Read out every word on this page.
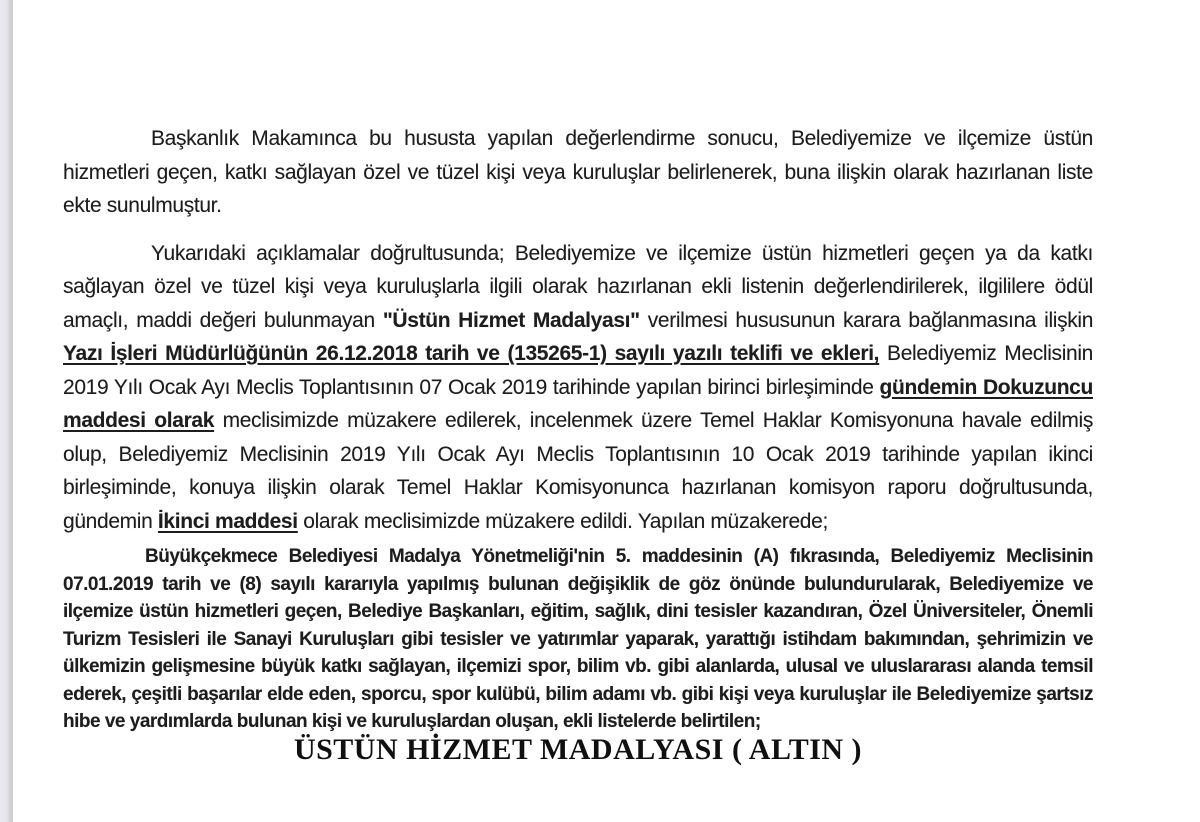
Başkanlık Makamınca bu hususta yapılan değerlendirme sonucu, Belediyemize ve ilçemize üstün hizmetleri geçen, katkı sağlayan özel ve tüzel kişi veya kuruluşlar belirlenerek, buna ilişkin olarak hazırlanan liste ekte sunulmuştur.
Yukarıdaki açıklamalar doğrultusunda; Belediyemize ve ilçemize üstün hizmetleri geçen ya da katkı sağlayan özel ve tüzel kişi veya kuruluşlarla ilgili olarak hazırlanan ekli listenin değerlendirilerek, ilgililere ödül amaçlı, maddi değeri bulunmayan "Üstün Hizmet Madalyası" verilmesi hususunun karara bağlanmasına ilişkin Yazı İşleri Müdürlüğünün 26.12.2018 tarih ve (135265-1) sayılı yazılı teklifi ve ekleri, Belediyemiz Meclisinin 2019 Yılı Ocak Ayı Meclis Toplantısının 07 Ocak 2019 tarihinde yapılan birinci birleşiminde gündemin Dokuzuncu maddesi olarak meclisimizde müzakere edilerek, incelenmek üzere Temel Haklar Komisyonuna havale edilmiş olup, Belediyemiz Meclisinin 2019 Yılı Ocak Ayı Meclis Toplantısının 10 Ocak 2019 tarihinde yapılan ikinci birleşiminde, konuya ilişkin olarak Temel Haklar Komisyonunca hazırlanan komisyon raporu doğrultusunda, gündemin İkinci maddesi olarak meclisimizde müzakere edildi. Yapılan müzakerede;
Büyükçekmece Belediyesi Madalya Yönetmeliği'nin 5. maddesinin (A) fıkrasında, Belediyemiz Meclisinin 07.01.2019 tarih ve (8) sayılı kararıyla yapılmış bulunan değişiklik de göz önünde bulundurularak, Belediyemize ve ilçemize üstün hizmetleri geçen, Belediye Başkanları, eğitim, sağlık, dini tesisler kazandıran, Özel Üniversiteler, Önemli Turizm Tesisleri ile Sanayi Kuruluşları gibi tesisler ve yatırımlar yaparak, yarattığı istihdam bakımından, şehrimizin ve ülkemizin gelişmesine büyük katkı sağlayan, ilçemizi spor, bilim vb. gibi alanlarda, ulusal ve uluslararası alanda temsil ederek, çeşitli başarılar elde eden, sporcu, spor kulübü, bilim adamı vb. gibi kişi veya kuruluşlar ile Belediyemize şartsız hibe ve yardımlarda bulunan kişi ve kuruluşlardan oluşan, ekli listelerde belirtilen;
ÜSTÜN HİZMET MADALYASI ( ALTIN )
